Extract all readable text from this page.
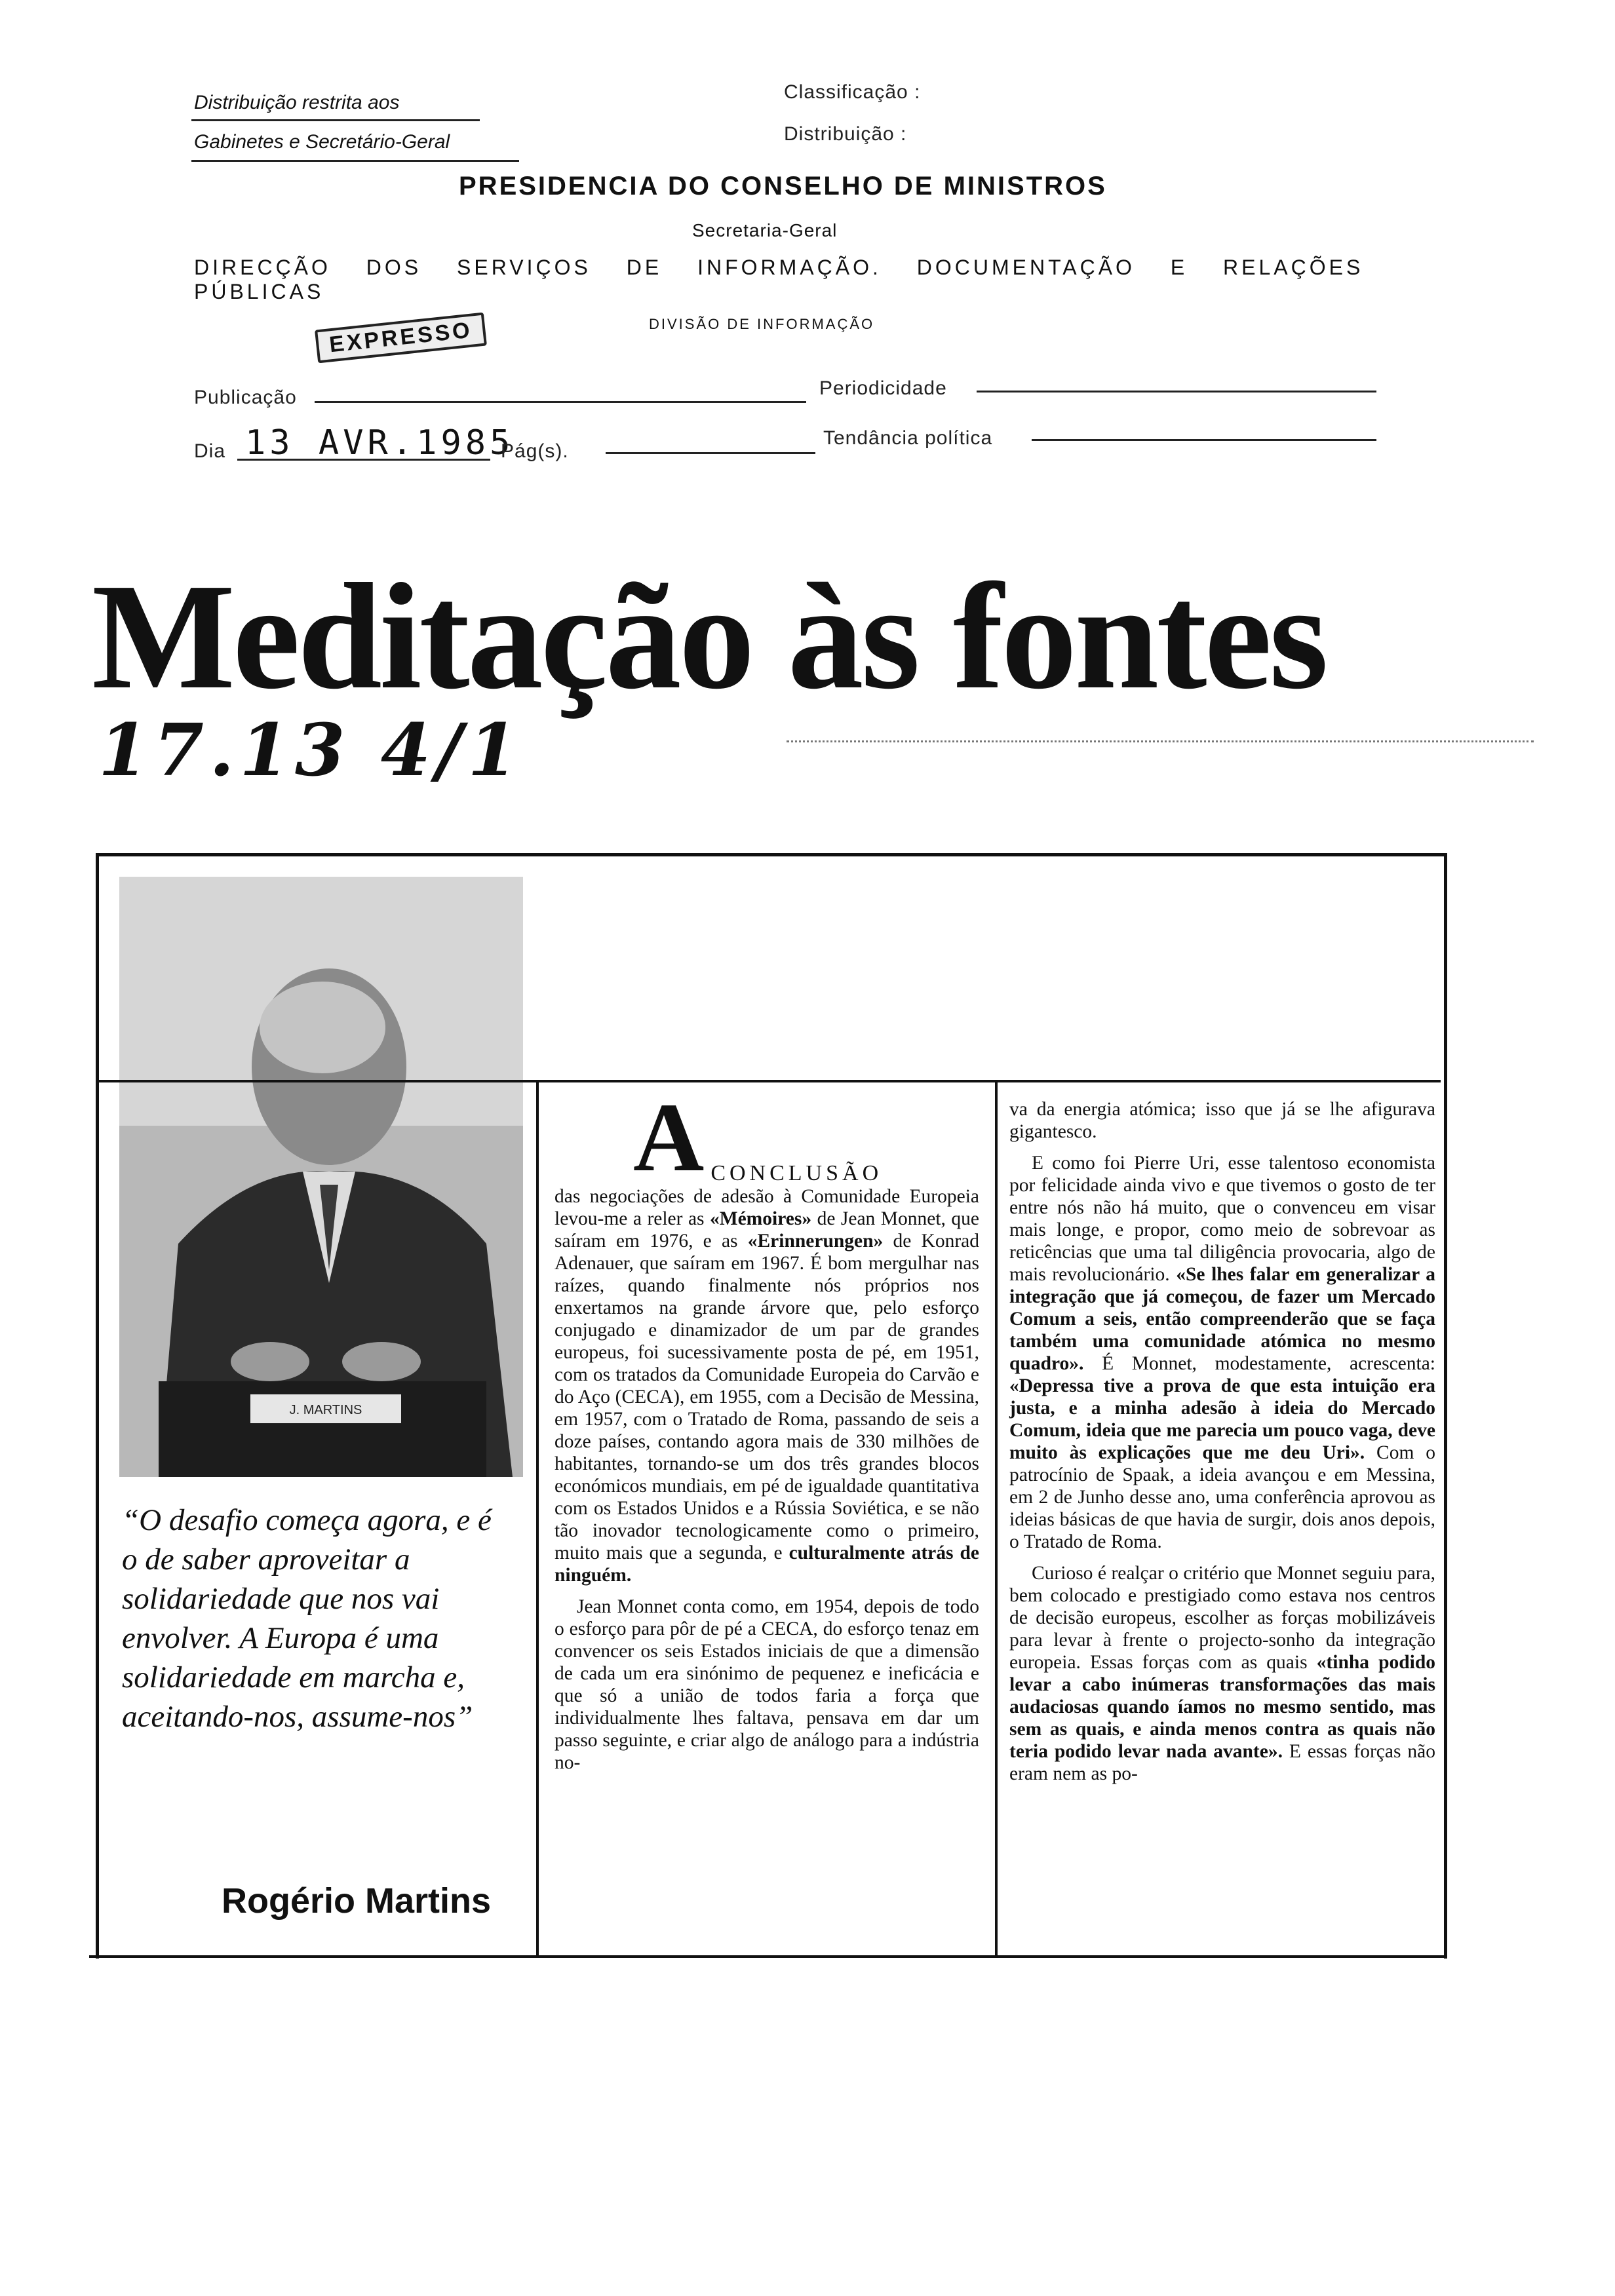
Distribuição restrita aos
Gabinetes e Secretário-Geral
Classificação :
Distribuição :
PRESIDENCIA DO CONSELHO DE MINISTROS
Secretaria-Geral
DIRECÇÃO DOS SERVIÇOS DE INFORMAÇÃO. DOCUMENTAÇÃO E RELAÇÕES PÚBLICAS
DIVISÃO DE INFORMAÇÃO
EXPRESSO
Publicação	Periodicidade
Dia 13 AVR.1985
Pág(s).
Tendância política
Meditação às fontes
17.13 4/1
J. MARTINS
“O desafio começa agora, e é o de saber aproveitar a solidariedade que nos vai envolver. A Europa é uma solidariedade em marcha e, aceitando-nos, assume-nos”
Rogério Martins

ACONCLUSÃO
das negociações de adesão à Comunidade Europeia levou-me a reler as «Mémoires» de Jean Monnet, que saíram em 1976, e as «Erinnerungen» de Konrad Adenauer, que saíram em 1967. É bom mergulhar nas raízes, quando finalmente nós próprios nos enxertamos na grande árvore que, pelo esforço conjugado e dinamizador de um par de grandes europeus, foi sucessivamente posta de pé, em 1951, com os tratados da Comunidade Europeia do Carvão e do Aço (CECA), em 1955, com a Decisão de Messina, em 1957, com o Tratado de Roma, passando de seis a doze países, contando agora mais de 330 milhões de habitantes, tornando-se um dos três grandes blocos económicos mundiais, em pé de igualdade quantitativa com os Estados Unidos e a Rússia Soviética, e se não tão inovador tecnologicamente como o primeiro, muito mais que a segunda, e culturalmente atrás de ninguém.

Jean Monnet conta como, em 1954, depois de todo o esforço para pôr de pé a CECA, do esforço tenaz em convencer os seis Estados iniciais de que a dimensão de cada um era sinónimo de pequenez e ineficácia e que só a união de todos faria a força que individualmente lhes faltava, pensava em dar um passo seguinte, e criar algo de análogo para a indústria no-

va da energia atómica; isso que já se lhe afigurava gigantesco.

E como foi Pierre Uri, esse talentoso economista por felicidade ainda vivo e que tivemos o gosto de ter entre nós não há muito, que o convenceu em visar mais longe, e propor, como meio de sobrevoar as reticências que uma tal diligência provocaria, algo de mais revolucionário. «Se lhes falar em generalizar a integração que já começou, de fazer um Mercado Comum a seis, então compreenderão que se faça também uma comunidade atómica no mesmo quadro». É Monnet, modestamente, acrescenta: «Depressa tive a prova de que esta intuição era justa, e a minha adesão à ideia do Mercado Comum, ideia que me parecia um pouco vaga, deve muito às explicações que me deu Uri». Com o patrocínio de Spaak, a ideia avançou e em Messina, em 2 de Junho desse ano, uma conferência aprovou as ideias básicas de que havia de surgir, dois anos depois, o Tratado de Roma.

Curioso é realçar o critério que Monnet seguiu para, bem colocado e prestigiado como estava nos centros de decisão europeus, escolher as forças mobilizáveis para levar à frente o projecto-sonho da integração europeia. Essas forças com as quais «tinha podido levar a cabo inúmeras transformações das mais audaciosas quando íamos no mesmo sentido, mas sem as quais, e ainda menos contra as quais não teria podido levar nada avante». E essas forças não eram nem as po-
